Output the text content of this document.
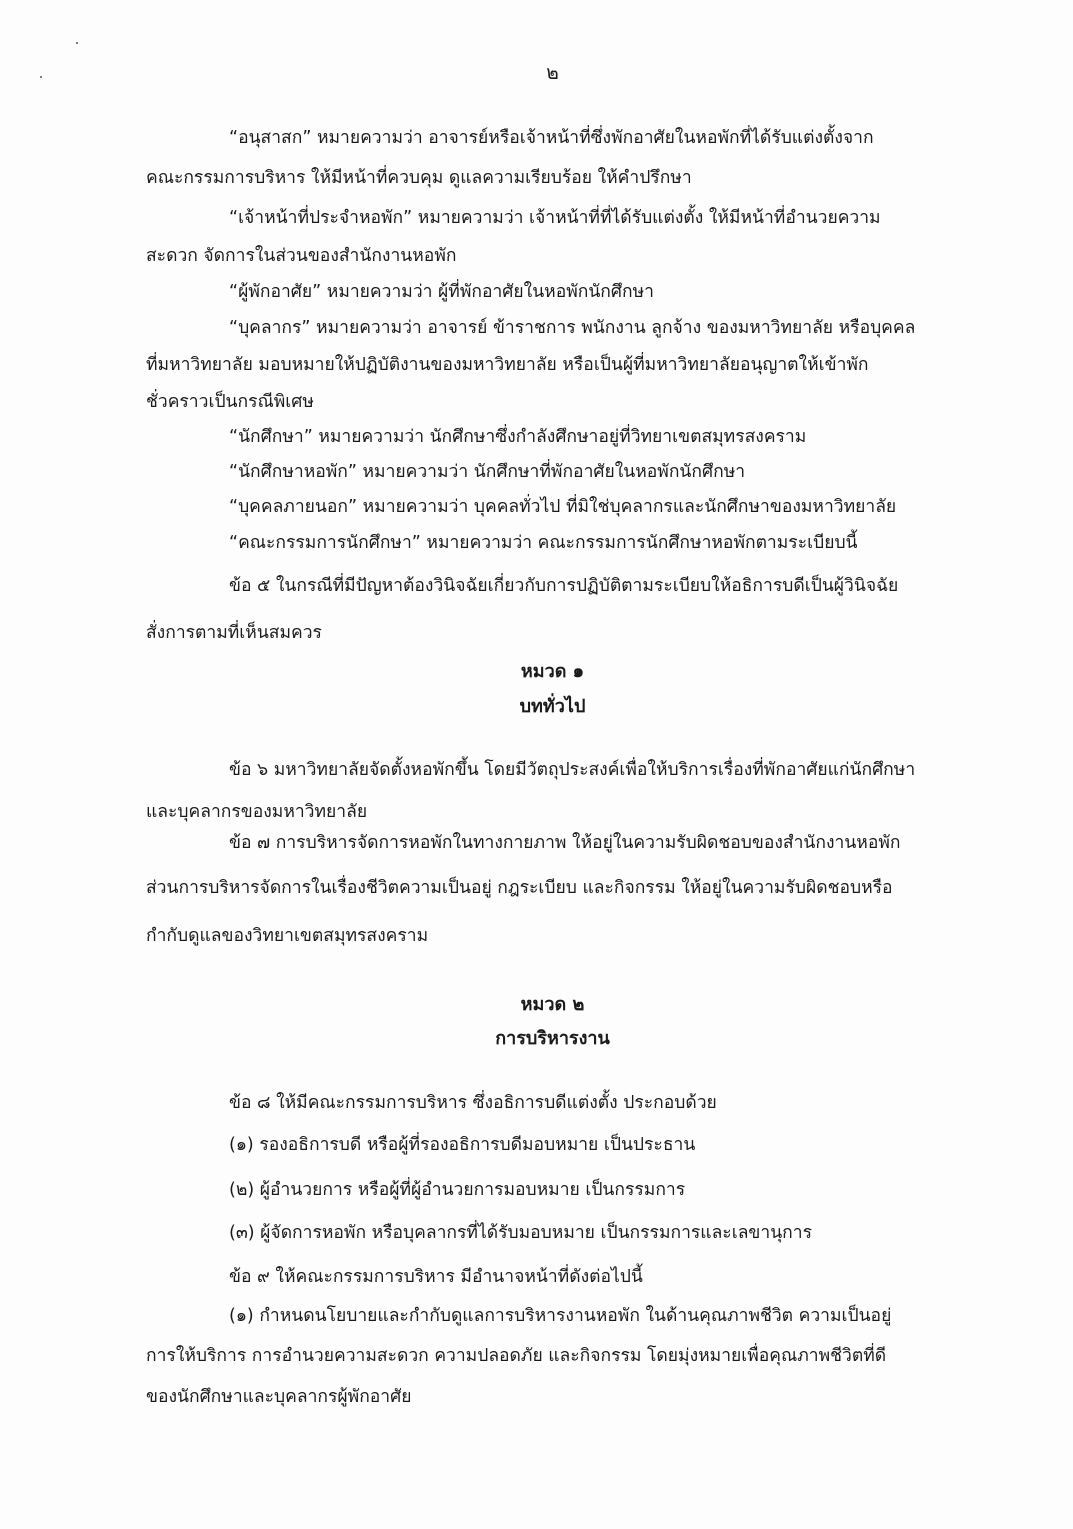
๒
“อนุสาสก” หมายความว่า อาจารย์หรือเจ้าหน้าที่ซึ่งพักอาศัยในหอพักที่ได้รับแต่งตั้งจาก
คณะกรรมการบริหาร ให้มีหน้าที่ควบคุม ดูแลความเรียบร้อย ให้คำปรึกษา
“เจ้าหน้าที่ประจำหอพัก” หมายความว่า เจ้าหน้าที่ที่ได้รับแต่งตั้ง ให้มีหน้าที่อำนวยความ
สะดวก จัดการในส่วนของสำนักงานหอพัก
“ผู้พักอาศัย” หมายความว่า ผู้ที่พักอาศัยในหอพักนักศึกษา
“บุคลากร” หมายความว่า อาจารย์ ข้าราชการ พนักงาน ลูกจ้าง ของมหาวิทยาลัย หรือบุคคล
ที่มหาวิทยาลัย มอบหมายให้ปฏิบัติงานของมหาวิทยาลัย หรือเป็นผู้ที่มหาวิทยาลัยอนุญาตให้เข้าพัก
ชั่วคราวเป็นกรณีพิเศษ
“นักศึกษา” หมายความว่า นักศึกษาซึ่งกำลังศึกษาอยู่ที่วิทยาเขตสมุทรสงคราม
“นักศึกษาหอพัก” หมายความว่า นักศึกษาที่พักอาศัยในหอพักนักศึกษา
“บุคคลภายนอก” หมายความว่า บุคคลทั่วไป ที่มิใช่บุคลากรและนักศึกษาของมหาวิทยาลัย
“คณะกรรมการนักศึกษา” หมายความว่า คณะกรรมการนักศึกษาหอพักตามระเบียบนี้
ข้อ ๕ ในกรณีที่มีปัญหาต้องวินิจฉัยเกี่ยวกับการปฏิบัติตามระเบียบให้อธิการบดีเป็นผู้วินิจฉัย
สั่งการตามที่เห็นสมควร
หมวด ๑
บททั่วไป
ข้อ ๖ มหาวิทยาลัยจัดตั้งหอพักขึ้น โดยมีวัตถุประสงค์เพื่อให้บริการเรื่องที่พักอาศัยแก่นักศึกษา
และบุคลากรของมหาวิทยาลัย
ข้อ ๗ การบริหารจัดการหอพักในทางกายภาพ ให้อยู่ในความรับผิดชอบของสำนักงานหอพัก
ส่วนการบริหารจัดการในเรื่องชีวิตความเป็นอยู่ กฎระเบียบ และกิจกรรม ให้อยู่ในความรับผิดชอบหรือ
กำกับดูแลของวิทยาเขตสมุทรสงคราม
หมวด ๒
การบริหารงาน
ข้อ ๘ ให้มีคณะกรรมการบริหาร ซึ่งอธิการบดีแต่งตั้ง ประกอบด้วย
(๑) รองอธิการบดี หรือผู้ที่รองอธิการบดีมอบหมาย เป็นประธาน
(๒) ผู้อำนวยการ หรือผู้ที่ผู้อำนวยการมอบหมาย เป็นกรรมการ
(๓) ผู้จัดการหอพัก หรือบุคลากรที่ได้รับมอบหมาย เป็นกรรมการและเลขานุการ
ข้อ ๙ ให้คณะกรรมการบริหาร มีอำนาจหน้าที่ดังต่อไปนี้
(๑) กำหนดนโยบายและกำกับดูแลการบริหารงานหอพัก ในด้านคุณภาพชีวิต ความเป็นอยู่
การให้บริการ การอำนวยความสะดวก ความปลอดภัย และกิจกรรม โดยมุ่งหมายเพื่อคุณภาพชีวิตที่ดี
ของนักศึกษาและบุคลากรผู้พักอาศัย
